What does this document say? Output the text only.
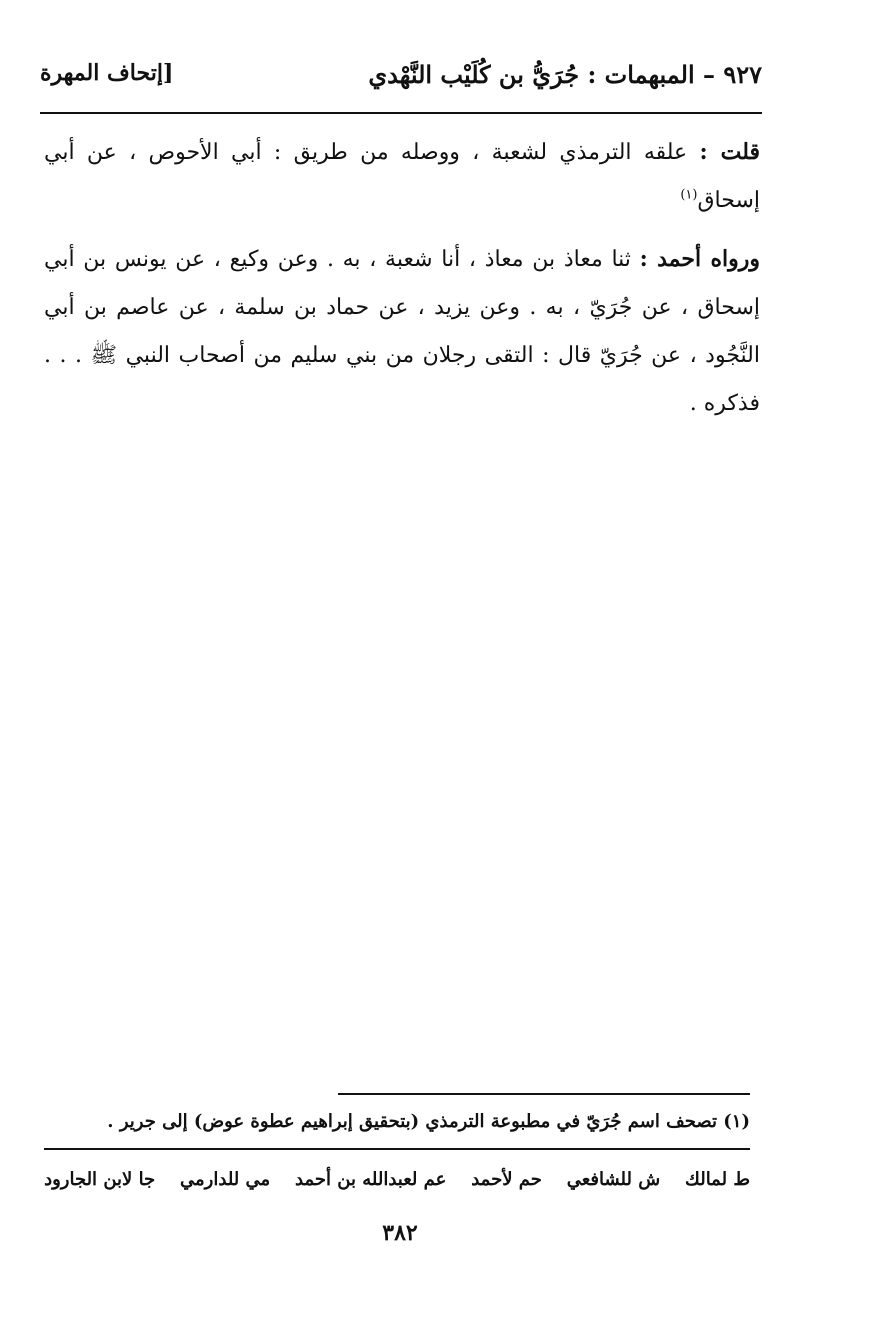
٩٢٧ – المبهمات : جُرَيُّ بن كُلَيْب النَّهْدي
[إتحاف المهرة

قلت : علقه الترمذي لشعبة ، ووصله من طريق : أبي الأحوص ، عن أبي إسحاق$^{(١)}$

ورواه أحمد : ثنا معاذ بن معاذ ، أنا شعبة ، به . وعن وكيع ، عن يونس بن أبي إسحاق ، عن جُرَيّ ، به . وعن يزيد ، عن حماد بن سلمة ، عن عاصم بن أبي النَّجُود ، عن جُرَيّ قال : التقى رجلان من بني سليم من أصحاب النبي ﷺ . . . فذكره .

(١) تصحف اسم جُرَيّ في مطبوعة الترمذي (بتحقيق إبراهيم عطوة عوض) إلى جرير .
ط لمالك
ش للشافعي
حم لأحمد
عم لعبدالله بن أحمد
مي للدارمي
جا لابن الجارود
٣٨٢
